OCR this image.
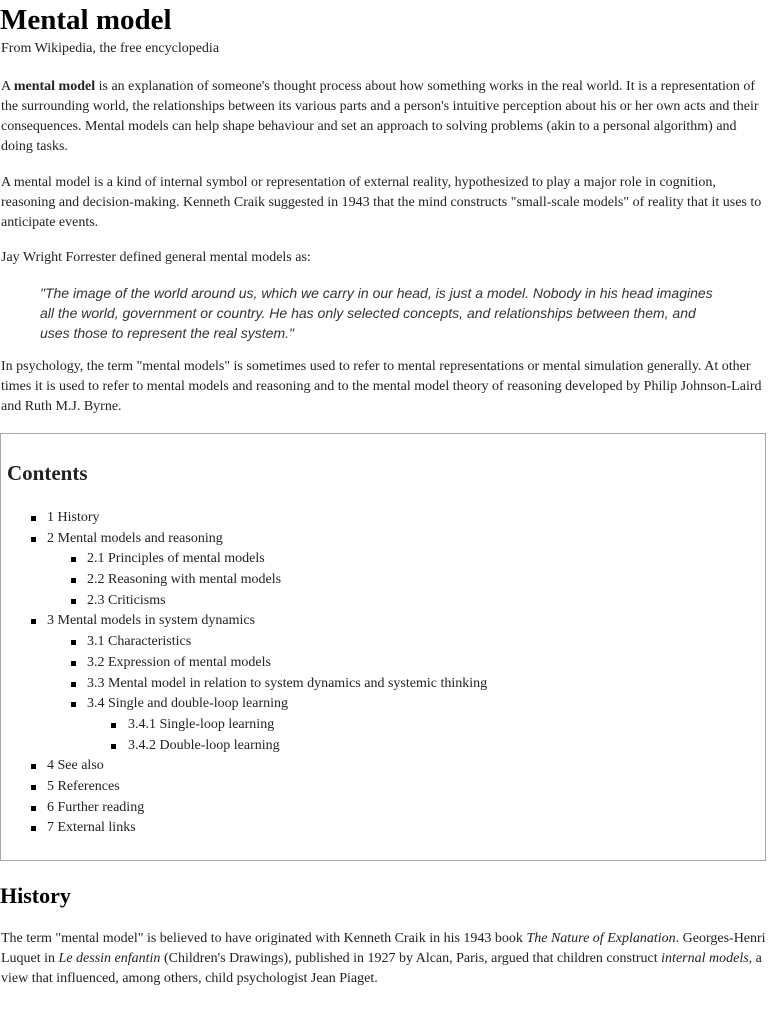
Mental model
From Wikipedia, the free encyclopedia

A mental model is an explanation of someone's thought process about how something works in the real world. It is a representation of the surrounding world, the relationships between its various parts and a person's intuitive perception about his or her own acts and their consequences. Mental models can help shape behaviour and set an approach to solving problems (akin to a personal algorithm) and doing tasks.

A mental model is a kind of internal symbol or representation of external reality, hypothesized to play a major role in cognition, reasoning and decision-making. Kenneth Craik suggested in 1943 that the mind constructs "small-scale models" of reality that it uses to anticipate events.

Jay Wright Forrester defined general mental models as:

"The image of the world around us, which we carry in our head, is just a model. Nobody in his head imagines all the world, government or country. He has only selected concepts, and relationships between them, and uses those to represent the real system."

In psychology, the term "mental models" is sometimes used to refer to mental representations or mental simulation generally. At other times it is used to refer to mental models and reasoning and to the mental model theory of reasoning developed by Philip Johnson-Laird and Ruth M.J. Byrne.

Contents
1 History
2 Mental models and reasoning
2.1 Principles of mental models
2.2 Reasoning with mental models
2.3 Criticisms
3 Mental models in system dynamics
3.1 Characteristics
3.2 Expression of mental models
3.3 Mental model in relation to system dynamics and systemic thinking
3.4 Single and double-loop learning
3.4.1 Single-loop learning
3.4.2 Double-loop learning
4 See also
5 References
6 Further reading
7 External links
History

The term "mental model" is believed to have originated with Kenneth Craik in his 1943 book The Nature of Explanation. Georges-Henri Luquet in Le dessin enfantin (Children's Drawings), published in 1927 by Alcan, Paris, argued that children construct internal models, a view that influenced, among others, child psychologist Jean Piaget.
